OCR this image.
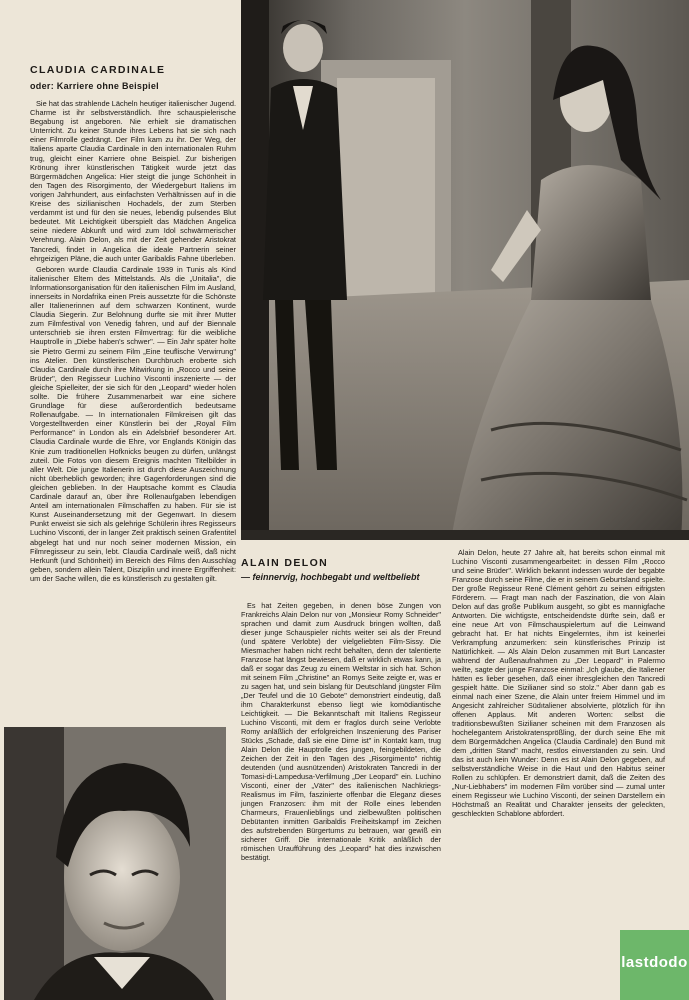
CLAUDIA CARDINALE
oder: Karriere ohne Beispiel

Sie hat das strahlende Lächeln heutiger italienischer Jugend. Charme ist ihr selbstverständlich. Ihre schauspielerische Begabung ist angeboren. Nie erhielt sie dramatischen Unterricht. Zu keiner Stunde ihres Lebens hat sie sich nach einer Filmrolle gedrängt. Der Film kam zu ihr. Der Weg, der Italiens aparte Claudia Cardinale in den internationalen Ruhm trug, gleicht einer Karriere ohne Beispiel. Zur bisherigen Krönung ihrer künstlerischen Tätigkeit wurde jetzt das Bürgermädchen Angelica: Hier steigt die junge Schönheit in den Tagen des Risorgimento, der Wiedergeburt Italiens im vorigen Jahrhundert, aus einfachsten Verhältnissen auf in die Kreise des sizilianischen Hochadels, der zum Sterben verdammt ist und für den sie neues, lebendig pulsendes Blut bedeutet. Mit Leichtigkeit überspielt das Mädchen Angelica seine niedere Abkunft und wird zum Idol schwärmerischer Verehrung. Alain Delon, als mit der Zeit gehender Aristokrat Tancredi, findet in Angelica die ideale Partnerin seiner ehrgeizigen Pläne, die auch unter Garibaldis Fahne überleben.

Geboren wurde Claudia Cardinale 1939 in Tunis als Kind italienischer Eltern des Mittelstands. Als die „Unitalia", die Informationsorganisation für den italienischen Film im Ausland, innerseits in Nordafrika einen Preis aussetzte für die Schönste aller Italienerinnen auf dem schwarzen Kontinent, wurde Claudia Siegerin. Zur Belohnung durfte sie mit ihrer Mutter zum Filmfestival von Venedig fahren, und auf der Biennale unterschrieb sie ihren ersten Filmvertrag: für die weibliche Hauptrolle in „Diebe haben's schwer". — Ein Jahr später holte sie Pietro Germi zu seinem Film „Eine teuflische Verwirrung" ins Atelier. Den künstlerischen Durchbruch eroberte sich Claudia Cardinale durch ihre Mitwirkung in „Rocco und seine Brüder", den Regisseur Luchino Visconti inszenierte — der gleiche Spielleiter, der sie sich für den „Leopard" wieder holen sollte. Die frühere Zusammenarbeit war eine sichere Grundlage für diese außerordentlich bedeutsame Rollenaufgabe. — In internationalen Filmkreisen gilt das Vorgestelltwerden einer Künstlerin bei der „Royal Film Performance" in London als ein Adelsbrief besonderer Art. Claudia Cardinale wurde die Ehre, vor Englands Königin das Knie zum traditionellen Hofknicks beugen zu dürfen, unlängst zuteil. Die Fotos von diesem Ereignis machten Titelbilder in aller Welt. Die junge Italienerin ist durch diese Auszeichnung nicht überheblich geworden; ihre Gagenforderungen sind die gleichen geblieben. In der Hauptsache kommt es Claudia Cardinale darauf an, über ihre Rollenaufgaben lebendigen Anteil am internationalen Filmschaffen zu haben. Für sie ist Kunst Auseinandersetzung mit der Gegenwart. In diesem Punkt erweist sie sich als gelehrige Schülerin ihres Regisseurs Luchino Visconti, der in langer Zeit praktisch seinen Grafentitel abgelegt hat und nur noch seiner modernen Mission, ein Filmregisseur zu sein, lebt. Claudia Cardinale weiß, daß nicht Herkunft (und Schönheit) im Bereich des Films den Ausschlag geben, sondern allein Talent, Disziplin und innere Ergriffenheit: um der Sache willen, die es künstlerisch zu gestalten gilt.

ALAIN DELON
— feinnervig, hochbegabt und weltbeliebt

Es hat Zeiten gegeben, in denen böse Zungen von Frankreichs Alain Delon nur von „Monsieur Romy Schneider" sprachen und damit zum Ausdruck bringen wollten, daß dieser junge Schauspieler nichts weiter sei als der Freund (und spätere Verlobte) der vielgeliebten Film-Sissy. Die Miesmacher haben nicht recht behalten, denn der talentierte Franzose hat längst bewiesen, daß er wirklich etwas kann, ja daß er sogar das Zeug zu einem Weltstar in sich hat. Schon mit seinem Film „Christine" an Romys Seite zeigte er, was er zu sagen hat, und sein bislang für Deutschland jüngster Film „Der Teufel und die 10 Gebote" demonstriert eindeutig, daß ihm Charakterkunst ebenso liegt wie komödiantische Leichtigkeit. — Die Bekanntschaft mit Italiens Regisseur Luchino Visconti, mit dem er fraglos durch seine Verlobte Romy anläßlich der erfolgreichen Inszenierung des Pariser Stücks „Schade, daß sie eine Dirne ist" in Kontakt kam, trug Alain Delon die Hauptrolle des jungen, feingebildeten, die Zeichen der Zeit in den Tagen des „Risorgimento" richtig deutenden (und ausnützenden) Aristokraten Tancredi in der Tomasi-di-Lampedusa-Verfilmung „Der Leopard" ein. Luchino Visconti, einer der „Väter" des italienischen Nachkriegs-Realismus im Film, faszinierte offenbar die Eleganz dieses jungen Franzosen: ihm mit der Rolle eines lebenden Charmeurs, Frauenlieblings und zielbewußten politischen Debütanten inmitten Garibaldis Freiheitskampf im Zeichen des aufstrebenden Bürgertums zu betrauen, war gewiß ein sicherer Griff. Die internationale Kritik anläßlich der römischen Uraufführung des „Leopard" hat dies inzwischen bestätigt.

Alain Delon, heute 27 Jahre alt, hat bereits schon einmal mit Luchino Visconti zusammengearbeitet: in dessen Film „Rocco und seine Brüder". Wirklich bekannt indessen wurde der begabte Franzose durch seine Filme, die er in seinem Geburtsland spielte. Der große Regisseur René Clément gehört zu seinen eifrigsten Förderern. — Fragt man nach der Faszination, die von Alain Delon auf das große Publikum ausgeht, so gibt es mannigfache Antworten. Die wichtigste, entscheidendste dürfte sein, daß er eine neue Art von Filmschauspielertum auf die Leinwand gebracht hat. Er hat nichts Eingelerntes, ihm ist keinerlei Verkrampfung anzumerken: sein künstlerisches Prinzip ist Natürlichkeit. — Als Alain Delon zusammen mit Burt Lancaster während der Außenaufnahmen zu „Der Leopard" in Palermo weilte, sagte der junge Franzose einmal: „Ich glaube, die Italiener hätten es lieber gesehen, daß einer ihresgleichen den Tancredi gespielt hätte. Die Sizilianer sind so stolz." Aber dann gab es einmal nach einer Szene, die Alain unter freiem Himmel und im Angesicht zahlreicher Südıtaliener absolvierte, plötzlich für ihn offenen Applaus. Mit anderen Worten: selbst die traditionsbewußten Sizilianer scheinen mit dem Franzosen als hochelegantem Aristokratensprößling, der durch seine Ehe mit dem Bürgermädchen Angelica (Claudia Cardinale) den Bund mit dem „dritten Stand" macht, restlos einverstanden zu sein. Und das ist auch kein Wunder: Denn es ist Alain Delon gegeben, auf selbstverständliche Weise in die Haut und den Habitus seiner Rollen zu schlüpfen. Er demonstriert damit, daß die Zeiten des „Nur-Liebhabers" im modernen Film vorüber sind — zumal unter einem Regisseur wie Luchino Visconti, der seinen Darstellern ein Höchstmaß an Realität und Charakter jenseits der geleckten, geschleckten Schablone abfordert.

lastdodo
